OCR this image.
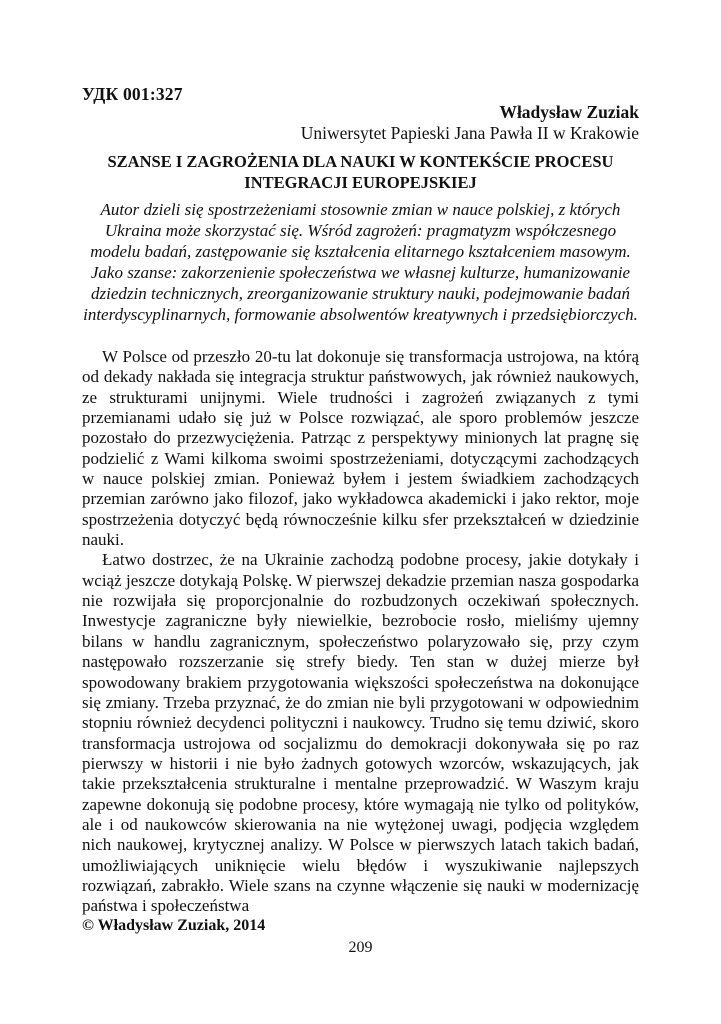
УДК 001:327
Władysław Zuziak
Uniwersytet Papieski Jana Pawła II w Krakowie
SZANSE I ZAGROŻENIA DLA NAUKI W KONTEKŚCIE PROCESU INTEGRACJI EUROPEJSKIEJ
Autor dzieli się spostrzeżeniami stosownie zmian w nauce polskiej, z których Ukraina może skorzystać się. Wśród zagrożeń: pragmatyzm współczesnego modelu badań, zastępowanie się kształcenia elitarnego kształceniem masowym. Jako szanse: zakorzenienie społeczeństwa we własnej kulturze, humanizowanie dziedzin technicznych, zreorganizowanie struktury nauki, podejmowanie badań interdyscyplinarnych, formowanie absolwentów kreatywnych i przedsiębiorczych.

W Polsce od przeszło 20-tu lat dokonuje się transformacja ustrojowa, na którą od dekady nakłada się integracja struktur państwowych, jak również naukowych, ze strukturami unijnymi. Wiele trudności i zagrożeń związanych z tymi przemianami udało się już w Polsce rozwiązać, ale sporo problemów jeszcze pozostało do przezwyciężenia. Patrząc z perspektywy minionych lat pragnę się podzielić z Wami kilkoma swoimi spostrzeżeniami, dotyczącymi zachodzących w nauce polskiej zmian. Ponieważ byłem i jestem świadkiem zachodzących przemian zarówno jako filozof, jako wykładowca akademicki i jako rektor, moje spostrzeżenia dotyczyć będą równocześnie kilku sfer przekształceń w dziedzinie nauki.

Łatwo dostrzec, że na Ukrainie zachodzą podobne procesy, jakie dotykały i wciąż jeszcze dotykają Polskę. W pierwszej dekadzie przemian nasza gospodarka nie rozwijała się proporcjonalnie do rozbudzonych oczekiwań społecznych. Inwestycje zagraniczne były niewielkie, bezrobocie rosło, mieliśmy ujemny bilans w handlu zagranicznym, społeczeństwo polaryzowało się, przy czym następowało rozszerzanie się strefy biedy. Ten stan w dużej mierze był spowodowany brakiem przygotowania większości społeczeństwa na dokonujące się zmiany. Trzeba przyznać, że do zmian nie byli przygotowani w odpowiednim stopniu również decydenci polityczni i naukowcy. Trudno się temu dziwić, skoro transformacja ustrojowa od socjalizmu do demokracji dokonywała się po raz pierwszy w historii i nie było żadnych gotowych wzorców, wskazujących, jak takie przekształcenia strukturalne i mentalne przeprowadzić. W Waszym kraju zapewne dokonują się podobne procesy, które wymagają nie tylko od polityków, ale i od naukowców skierowania na nie wytężonej uwagi, podjęcia względem nich naukowej, krytycznej analizy. W Polsce w pierwszych latach takich badań, umożliwiających uniknięcie wielu błędów i wyszukiwanie najlepszych rozwiązań, zabrakło. Wiele szans na czynne włączenie się nauki w modernizację państwa i społeczeństwa

© Władysław Zuziak, 2014
209
